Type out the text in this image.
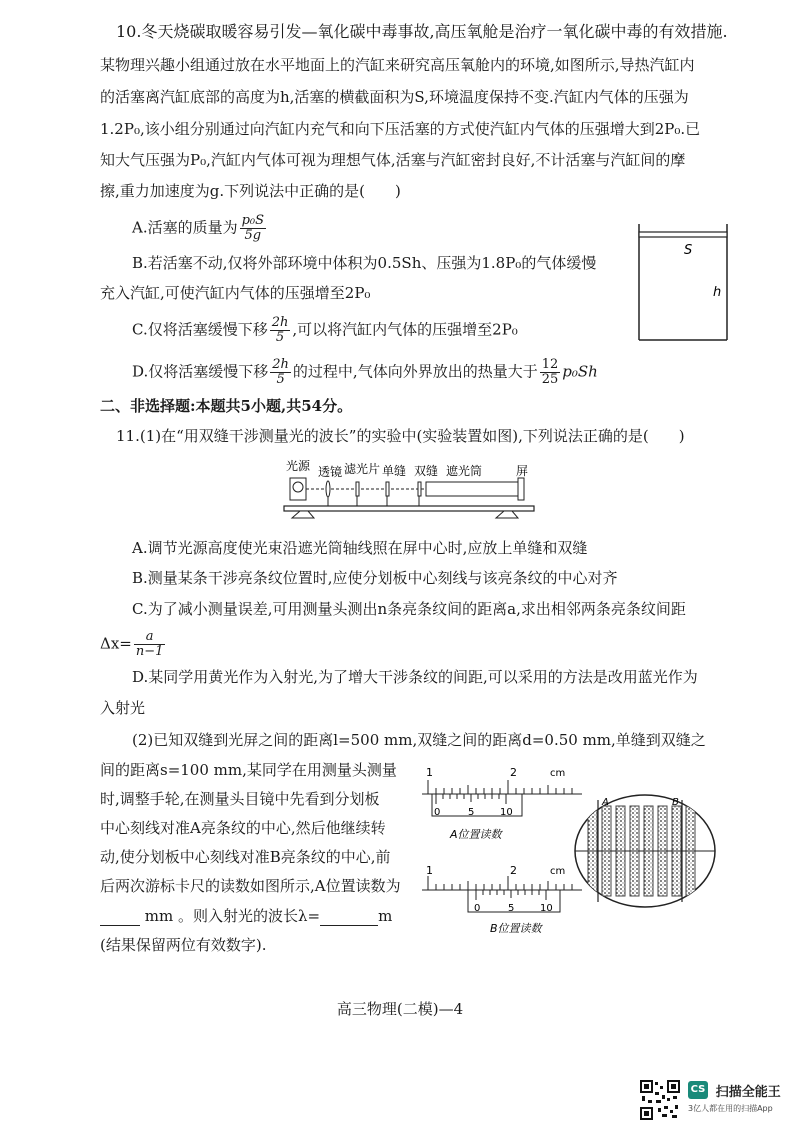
10.冬天烧碳取暖容易引发—氧化碳中毒事故,高压氧舱是治疗一氧化碳中毒的有效措施.
某物理兴趣小组通过放在水平地面上的汽缸来研究高压氧舱内的环境,如图所示,导热汽缸内
的活塞离汽缸底部的高度为h,活塞的横截面积为S,环境温度保持不变.汽缸内气体的压强为
1.2P₀,该小组分别通过向汽缸内充气和向下压活塞的方式使汽缸内气体的压强增大到2P₀.已
知大气压强为P₀,汽缸内气体可视为理想气体,活塞与汽缸密封良好,不计活塞与汽缸间的摩
擦,重力加速度为g.下列说法中正确的是(　　)
A.活塞的质量为 $\frac{\text{p₀S}}{5g}$
B.若活塞不动,仅将外部环境中体积为0.5Sh、压强为1.8P₀的气体缓慢
充入汽缸,可使汽缸内气体的压强增至2P₀
C.仅将活塞缓慢下移 $\frac{2h}{5}$ ,可以将汽缸内气体的压强增至2P₀
D.仅将活塞缓慢下移 $\frac{2h}{5}$ 的过程中,气体向外界放出的热量大于 $\frac{12}{25} p_0Sh$
S
h
二、非选择题:本题共5小题,共54分。
11.(1)在“用双缝干涉测量光的波长”的实验中(实验装置如图),下列说法正确的是(　　)
光源 透镜 滤光片 单缝 双缝 遮光筒	屏
A.调节光源高度使光束沿遮光筒轴线照在屏中心时,应放上单缝和双缝
B.测量某条干涉亮条纹位置时,应使分划板中心刻线与该亮条纹的中心对齐
C.为了减小测量误差,可用测量头测出n条亮条纹间的距离a,求出相邻两条亮条纹间距
$\Delta x= \frac{a}{n-1}$
D.某同学用黄光作为入射光,为了增大干涉条纹的间距,可以采用的方法是改用蓝光作为
入射光
(2)已知双缝到光屏之间的距离l=500 mm,双缝之间的距离d=0.50 mm,单缝到双缝之
间的距离s=100 mm,某同学在用测量头测量
时,调整手轮,在测量头目镜中先看到分划板
中心刻线对准A亮条纹的中心,然后他继续转
动,使分划板中心刻线对准B亮条纹的中心,前
后两次游标卡尺的读数如图所示,A位置读数为
mm 。则入射光的波长λ=	m
(结果保留两位有效数字).
1	2	cm
0	5	10
A位置读数
1	2	cm
0	5	10
B位置读数
A	B
高三物理(二模)—4
CS 扫描全能王
3亿人都在用的扫描App
